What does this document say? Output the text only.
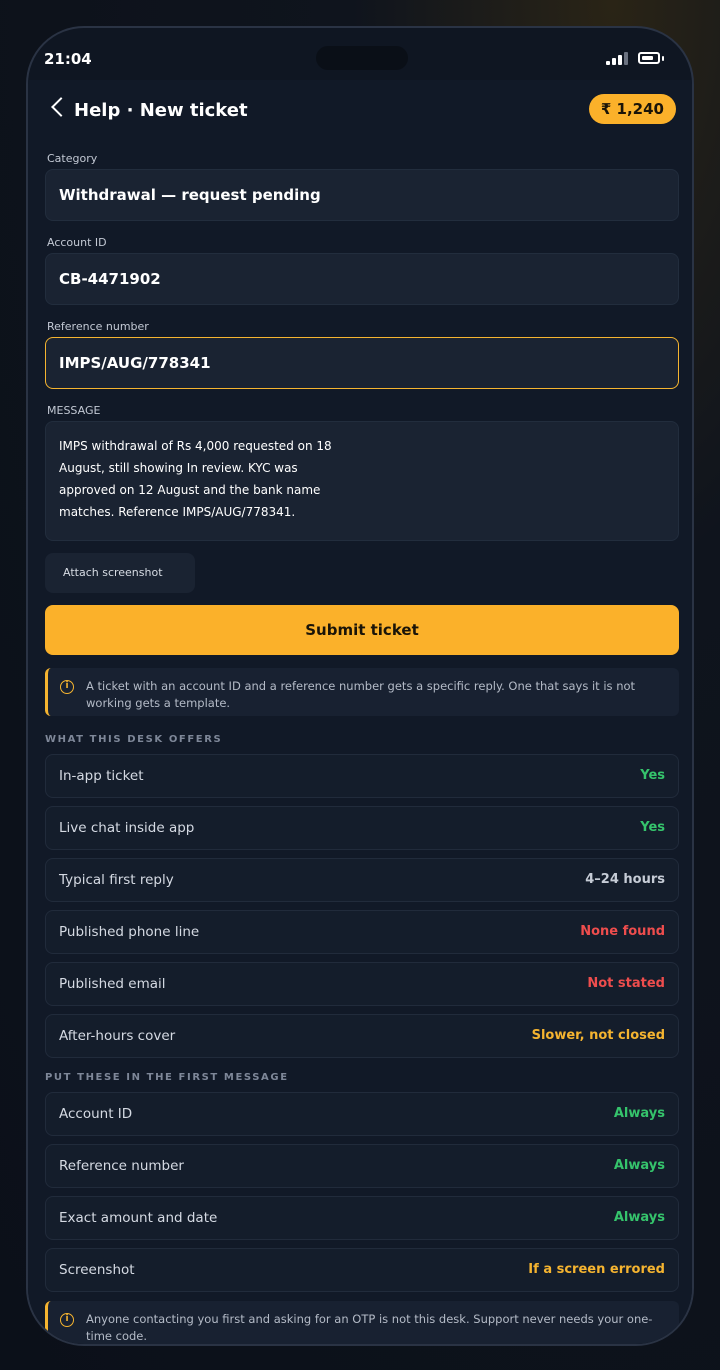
21:04
Help · New ticket	₹ 1,240
Category
Withdrawal — request pending
Account ID
CB-4471902
Reference number
IMPS/AUG/778341
MESSAGE
IMPS withdrawal of Rs 4,000 requested on 18 August, still showing In review. KYC was approved on 12 August and the bank name matches. Reference IMPS/AUG/778341.
Attach screenshot
Submit ticket
i	A ticket with an account ID and a reference number gets a specific reply. One that says it is not working gets a template.
WHAT THIS DESK OFFERS
In-app ticket	Yes
Live chat inside app	Yes
Typical first reply	4–24 hours
Published phone line	None found
Published email	Not stated
After-hours cover	Slower, not closed
PUT THESE IN THE FIRST MESSAGE
Account ID	Always
Reference number	Always
Exact amount and date	Always
Screenshot	If a screen errored
i	Anyone contacting you first and asking for an OTP is not this desk. Support never needs your one-time code.
